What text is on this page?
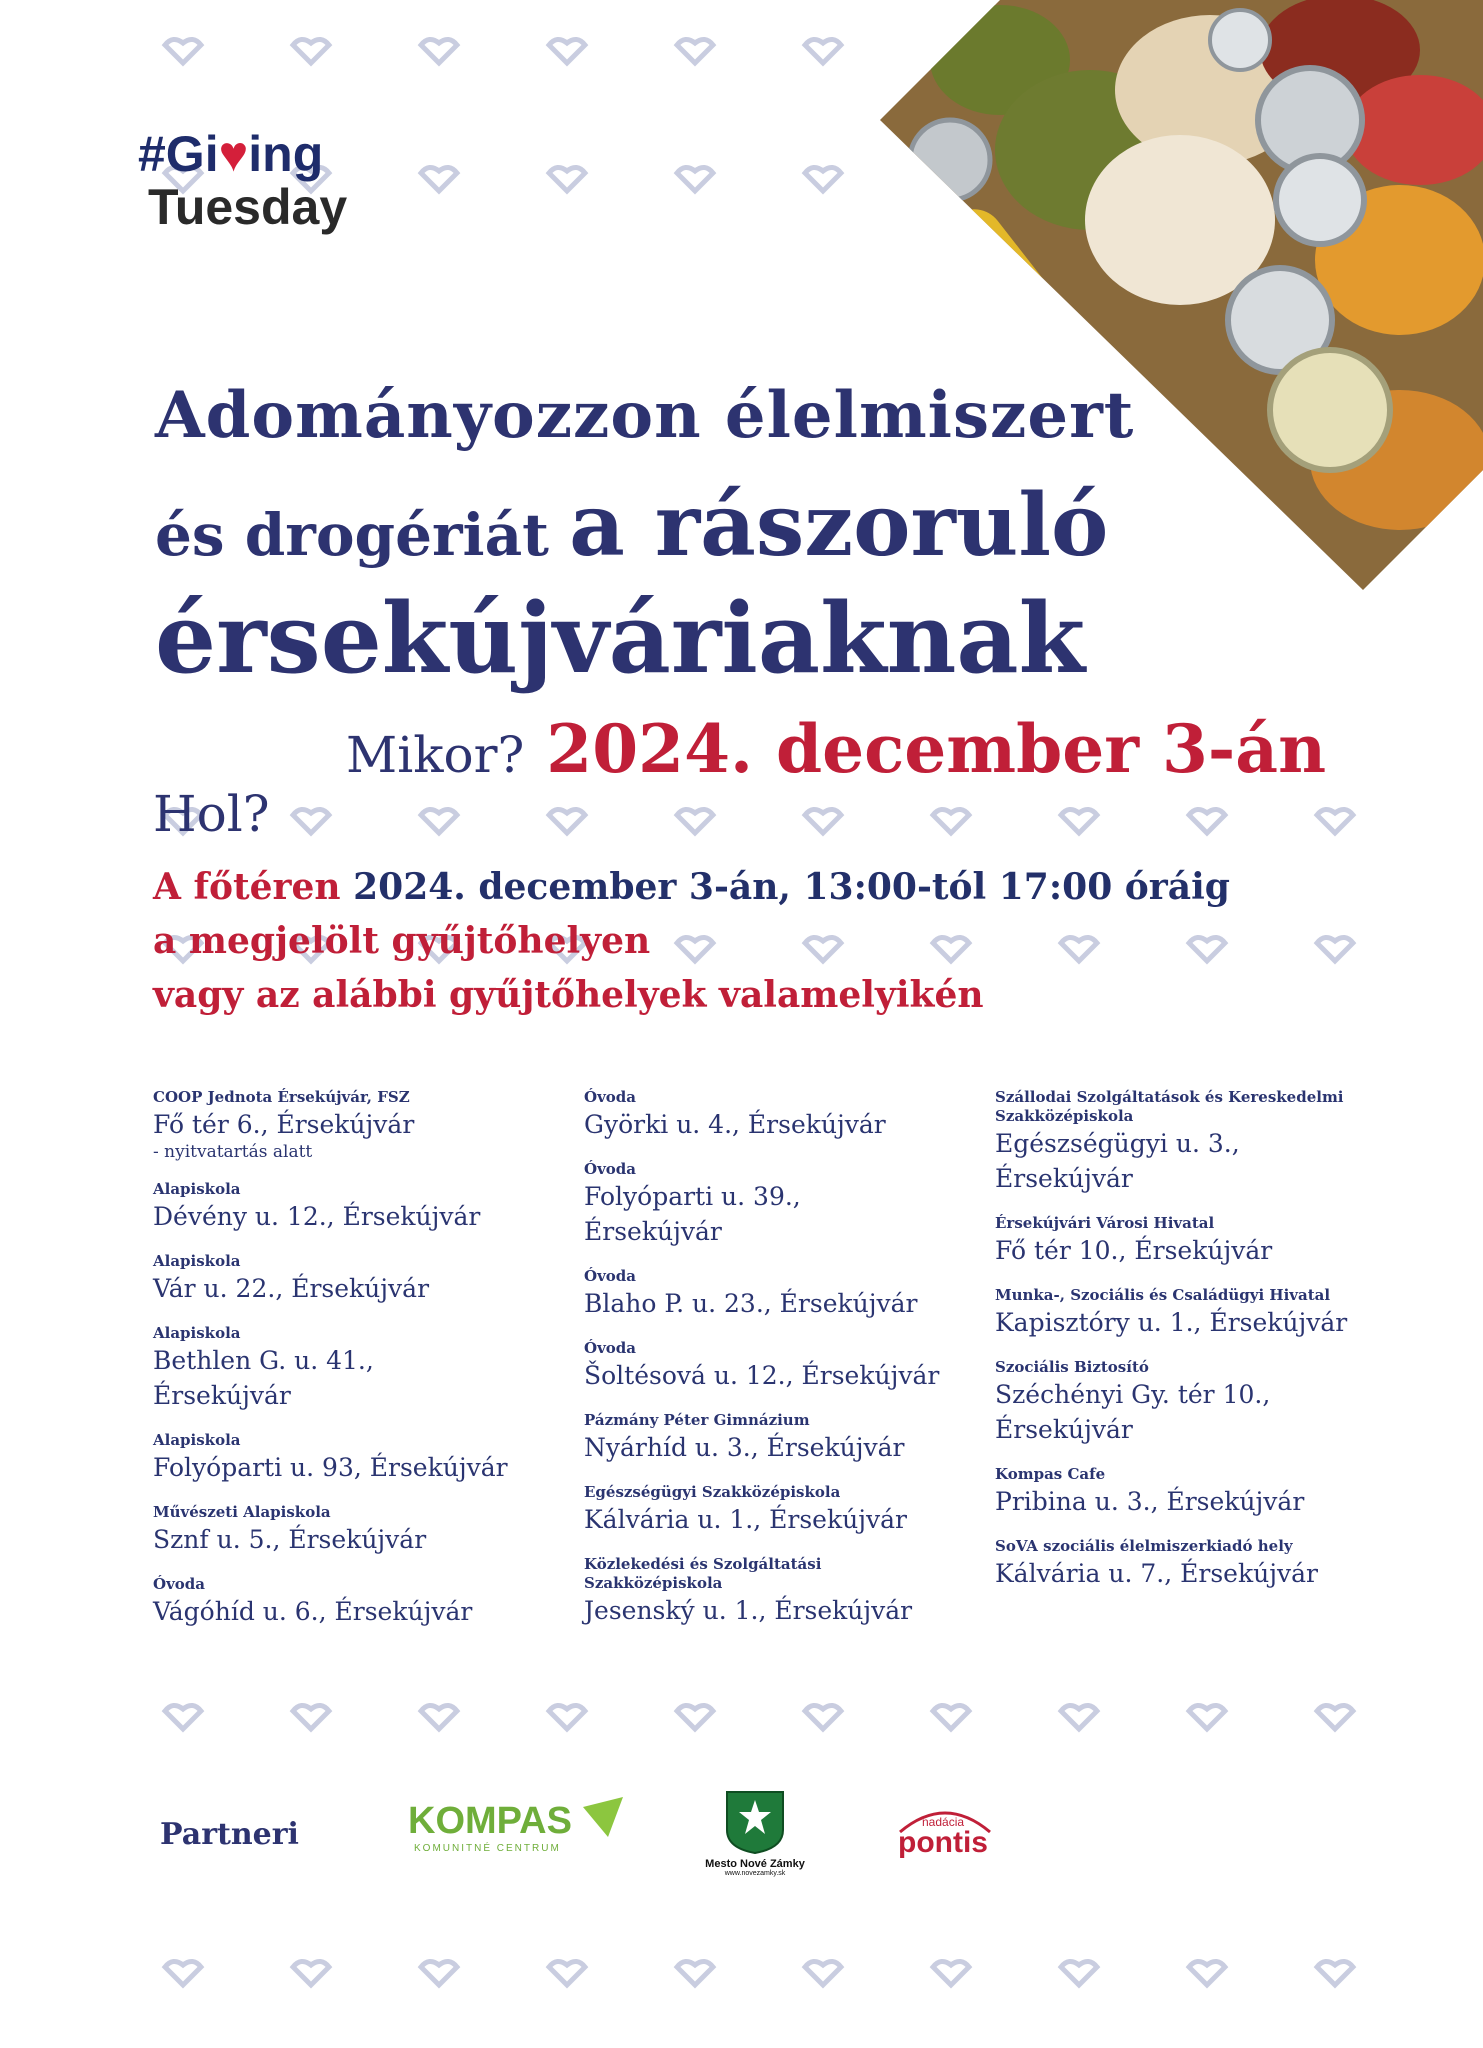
#Gi♥ing
Tuesday
Adományozzon élelmiszert
és drogériát a rászoruló
érsekújváriaknak
Mikor? 2024. december 3-án
Hol?
A főtéren 2024. december 3-án, 13:00-tól 17:00 óráig
a megjelölt gyűjtőhelyen
vagy az alábbi gyűjtőhelyek valamelyikén
COOP Jednota Érsekújvár, FSZ
Fő tér 6., Érsekújvár
- nyitvatartás alatt
Alapiskola
Dévény u. 12., Érsekújvár
Alapiskola
Vár u. 22., Érsekújvár
Alapiskola
Bethlen G. u. 41., Érsekújvár
Alapiskola
Folyóparti u. 93, Érsekújvár
Művészeti Alapiskola
Sznf u. 5., Érsekújvár
Óvoda
Vágóhíd u. 6., Érsekújvár
Óvoda
Györki u. 4., Érsekújvár
Óvoda
Folyóparti u. 39., Érsekújvár
Óvoda
Blaho P. u. 23., Érsekújvár
Óvoda
Šoltésová u. 12., Érsekújvár
Pázmány Péter Gimnázium
Nyárhíd u. 3., Érsekújvár
Egészségügyi Szakközépiskola
Kálvária u. 1., Érsekújvár
Közlekedési és Szolgáltatási Szakközépiskola
Jesenský u. 1., Érsekújvár
Szállodai Szolgáltatások és Kereskedelmi Szakközépiskola
Egészségügyi u. 3., Érsekújvár
Érsekújvári Városi Hivatal
Fő tér 10., Érsekújvár
Munka-, Szociális és Családügyi Hivatal
Kapisztóry u. 1., Érsekújvár
Szociális Biztosító
Széchényi Gy. tér 10., Érsekújvár
Kompas Cafe
Pribina u. 3., Érsekújvár
SoVA szociális élelmiszerkiadó hely
Kálvária u. 7., Érsekújvár
Partneri	KOMPAS
KOMUNITNÉ CENTRUM
Mesto Nové Zámky
www.novezamky.sk
nadácia
pontis
